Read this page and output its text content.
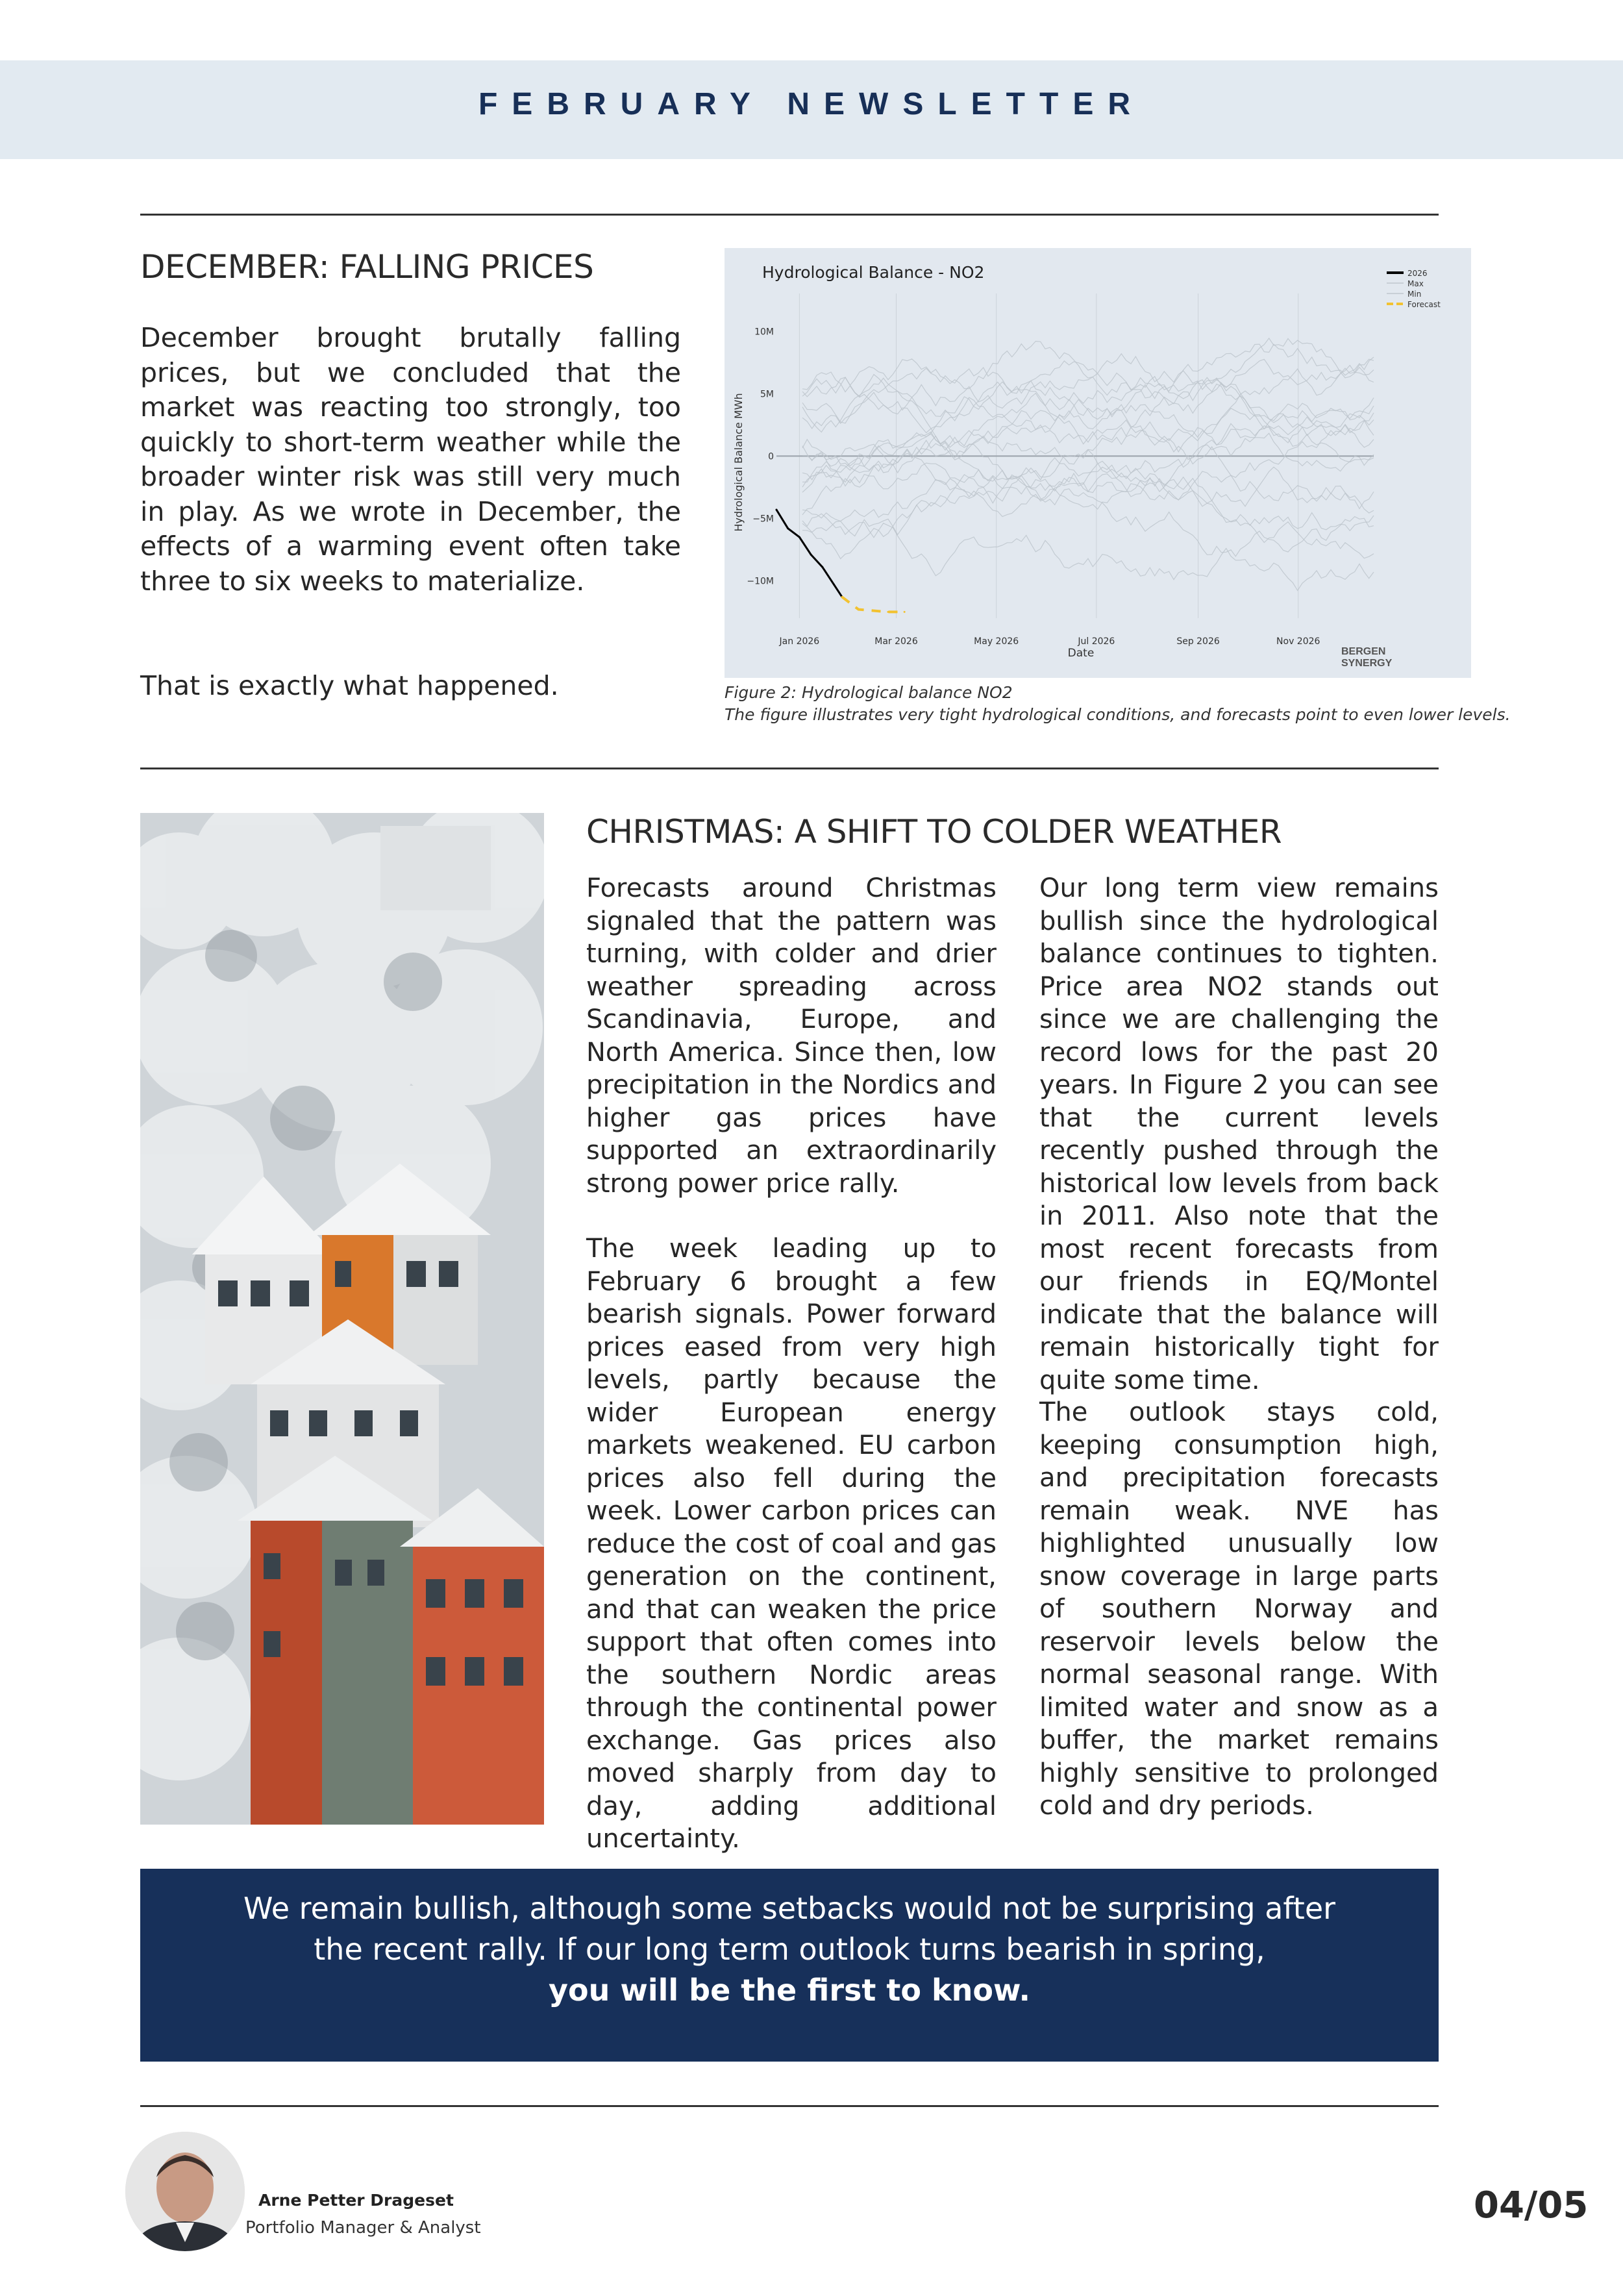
FEBRUARY NEWSLETTER
DECEMBER: FALLING PRICES

December brought brutally falling prices, but we concluded that the market was reacting too strongly, too quickly to short-term weather while the broader winter risk was still very much in play. As we wrote in December, the effects of a warming event often take three to six weeks to materialize.

That is exactly what happened.

Hydrological Balance - NO2
Jan 2026	Mar 2026	May 2026	Jul 2026	Sep 2026	Nov 2026
10M
5M
0
−5M
−10M
2026
Max
Min
Forecast
Hydrological Balance MWh
Date	BERGEN
SYNERGY
Figure 2: Hydrological balance NO2
The figure illustrates very tight hydrological conditions, and forecasts point to even lower levels.
CHRISTMAS: A SHIFT TO COLDER WEATHER

Forecasts around Christmas signaled that the pattern was turning, with colder and drier weather spreading across Scandinavia, Europe, and North America. Since then, low precipitation in the Nordics and higher gas prices have supported an extraordinarily strong power price rally.

The week leading up to February 6 brought a few bearish signals. Power forward prices eased from very high levels, partly because the wider European energy markets weakened. EU carbon prices also fell during the week. Lower carbon prices can reduce the cost of coal and gas generation on the continent, and that can weaken the price support that often comes into the southern Nordic areas through the continental power exchange. Gas prices also moved sharply from day to day, adding additional uncertainty.

Our long term view remains bullish since the hydrological balance continues to tighten. Price area NO2 stands out since we are challenging the record lows for the past 20 years. In Figure 2 you can see that the current levels recently pushed through the historical low levels from back in 2011. Also note that the most recent forecasts from our friends in EQ/Montel indicate that the balance will remain historically tight for quite some time.

The outlook stays cold, keeping consumption high, and precipitation forecasts remain weak. NVE has highlighted unusually low snow coverage in large parts of southern Norway and reservoir levels below the normal seasonal range. With limited water and snow as a buffer, the market remains highly sensitive to prolonged cold and dry periods.

We remain bullish, although some setbacks would not be surprising after
the recent rally. If our long term outlook turns bearish in spring,
you will be the first to know.
Arne Petter Drageset
Portfolio Manager & Analyst
04/05
